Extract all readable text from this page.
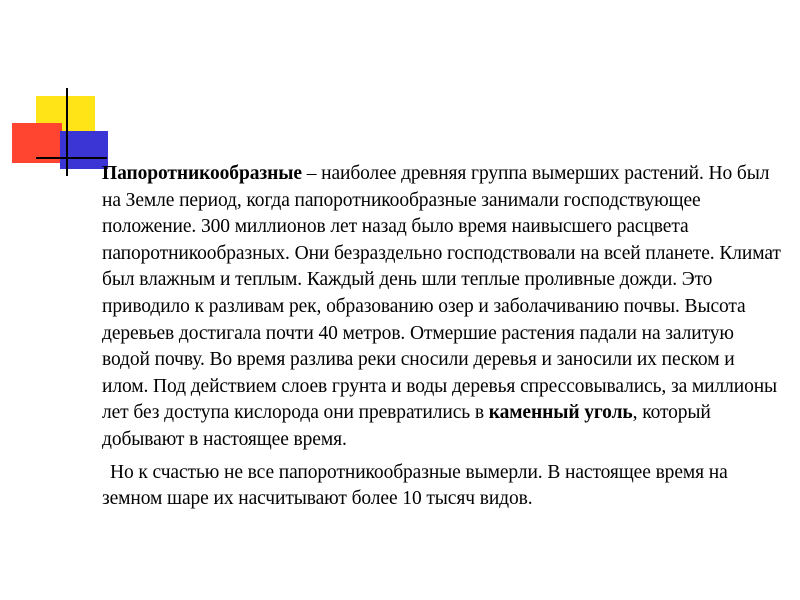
Папоротникообразные – наиболее древняя группа вымерших растений. Но был на Земле период, когда папоротникообразные занимали господствующее положение. 300 миллионов лет назад было время наивысшего расцвета папоротникообразных. Они безраздельно господствовали на всей планете. Климат был влажным и теплым. Каждый день шли теплые проливные дожди. Это приводило к разливам рек, образованию озер и заболачиванию почвы. Высота деревьев достигала почти 40 метров. Отмершие растения падали на залитую водой почву. Во время разлива реки сносили деревья и заносили их песком и илом. Под действием слоев грунта и воды деревья спрессовывались, за миллионы лет без доступа кислорода они превратились в каменный уголь, который добывают в настоящее время.

Но к счастью не все папоротникообразные вымерли. В настоящее время на земном шаре их насчитывают более 10 тысяч видов.
